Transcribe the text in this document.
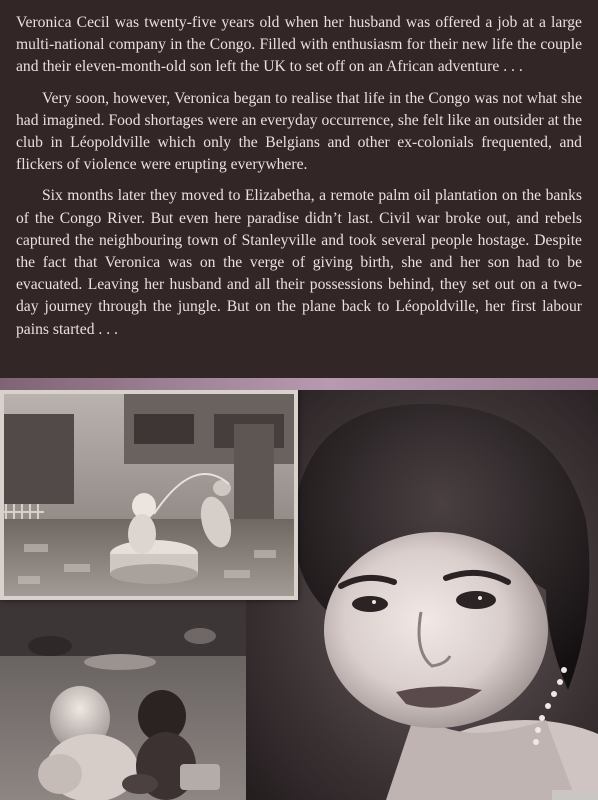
Veronica Cecil was twenty-five years old when her husband was offered a job at a large multi-national company in the Congo. Filled with enthusiasm for their new life the couple and their eleven-month-old son left the UK to set off on an African adventure . . .

Very soon, however, Veronica began to realise that life in the Congo was not what she had imagined. Food shortages were an everyday occurrence, she felt like an outsider at the club in Léopoldville which only the Belgians and other ex-colonials frequented, and flickers of violence were erupting everywhere.

Six months later they moved to Elizabetha, a remote palm oil plantation on the banks of the Congo River. But even here paradise didn’t last. Civil war broke out, and rebels captured the neighbouring town of Stanleyville and took several people hostage. Despite the fact that Veronica was on the verge of giving birth, she and her son had to be evacuated. Leaving her husband and all their possessions behind, they set out on a two-day journey through the jungle. But on the plane back to Léopoldville, her first labour pains started . . .
